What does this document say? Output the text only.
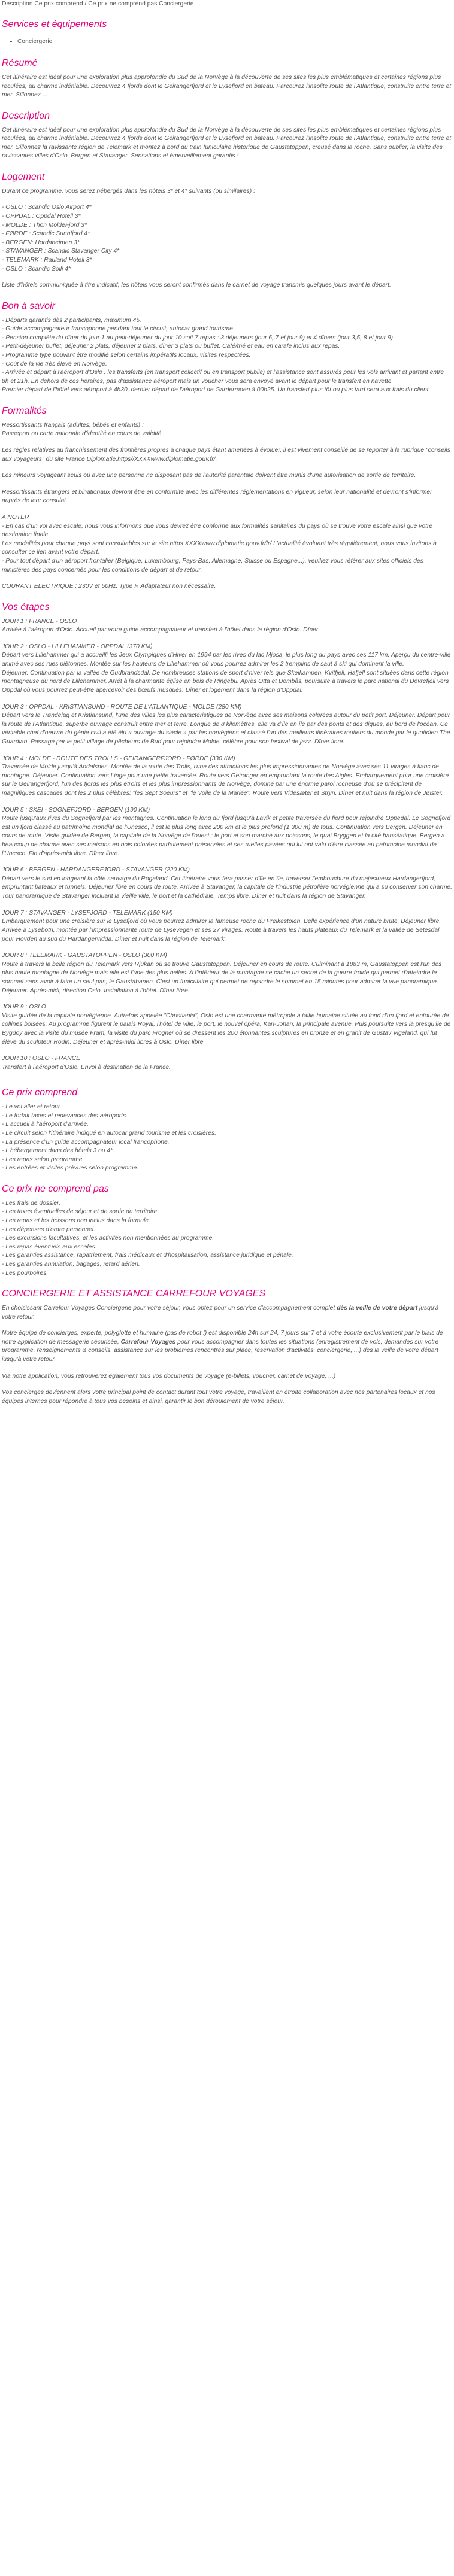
Description Ce prix comprend / Ce prix ne comprend pas Conciergerie

Services et équipements
• Conciergerie
Résumé

Cet itinéraire est idéal pour une exploration plus approfondie du Sud de la Norvège à la découverte de ses sites les plus emblématiques et certaines régions plus reculées, au charme indéniable. Découvrez 4 fjords dont le Geirangerfjord et le Lysefjord en bateau. Parcourez l'insolite route de l'Atlantique, construite entre terre et mer. Sillonnez ...

Description

Cet itinéraire est idéal pour une exploration plus approfondie du Sud de la Norvège à la découverte de ses sites les plus emblématiques et certaines régions plus reculées, au charme indéniable. Découvrez 4 fjords dont le Geirangerfjord et le Lysefjord en bateau. Parcourez l'insolite route de l'Atlantique, construite entre terre et mer. Sillonnez la ravissante région de Telemark et montez à bord du train funiculaire historique de Gaustatoppen, creusé dans la roche. Sans oublier, la visite des ravissantes villes d'Oslo, Bergen et Stavanger. Sensations et émerveillement garantis !

Logement

Durant ce programme, vous serez hébergés dans les hôtels 3* et 4* suivants (ou similaires) :

- OSLO : Scandic Oslo Airport 4*
- OPPDAL : Oppdal Hotell 3*
- MOLDE : Thon MoldeFjord 3*
- FØRDE : Scandic Sunnfjord 4*
- BERGEN: Hordaheimen 3*
- STAVANGER : Scandic Stavanger City 4*
- TELEMARK : Rauland Hotell 3*
- OSLO : Scandic Solli 4*

Liste d'hôtels communiquée à titre indicatif, les hôtels vous seront confirmés dans le carnet de voyage transmis quelques jours avant le départ.

Bon à savoir
- Départs garantis dès 2 participants, maximum 45.
- Guide accompagnateur francophone pendant tout le circuit, autocar grand tourisme.
- Pension complète du dîner du jour 1 au petit-déjeuner du jour 10 soit 7 repas : 3 déjeuners (jour 6, 7 et jour 9) et 4 dîners (jour 3,5, 8 et jour 9).
- Petit-déjeuner buffet, déjeuner 2 plats, déjeuner 2 plats, dîner 3 plats ou buffet. Café/thé et eau en carafe inclus aux repas.
- Programme type pouvant être modifié selon certains impératifs locaux, visites respectées.
- Coût de la vie très élevé en Norvège.
- Arrivée et départ à l'aéroport d'Oslo : les transferts (en transport collectif ou en transport public) et l'assistance sont assurés pour les vols arrivant et partant entre 8h et 21h. En dehors de ces horaires, pas d'assistance aéroport mais un voucher vous sera envoyé avant le départ pour le transfert en navette.
Premier départ de l'hôtel vers aéroport à 4h30, dernier départ de l'aéroport de Gardermoen à 00h25. Un transfert plus tôt ou plus tard sera aux frais du client.
Formalités
Ressortissants français (adultes, bébés et enfants) :
Passeport ou carte nationale d'identité en cours de validité.

Les règles relatives au franchissement des frontières propres à chaque pays étant amenées à évoluer, il est vivement conseillé de se reporter à la rubrique "conseils aux voyageurs" du site France Diplomatie,https//XXXXwww.diplomatie.gouv.fr/.

Les mineurs voyageant seuls ou avec une personne ne disposant pas de l'autorité parentale doivent être munis d'une autorisation de sortie de territoire.

Ressortissants étrangers et binationaux devront être en conformité avec les différentes réglementations en vigueur, selon leur nationalité et devront s'informer auprès de leur consulat.

A NOTER
- En cas d'un vol avec escale, nous vous informons que vous devrez être conforme aux formalités sanitaires du pays où se trouve votre escale ainsi que votre destination finale.
Les modalités pour chaque pays sont consultables sur le site https:XXXXwww.diplomatie.gouv.fr/fr/ L'actualité évoluant très régulièrement, nous vous invitons à consulter ce lien avant votre départ.
- Pour tout départ d'un aéroport frontalier (Belgique, Luxembourg, Pays-Bas, Allemagne, Suisse ou Espagne...), veuillez vous référer aux sites officiels des ministères des pays concernés pour les conditions de départ et de retour.

COURANT ELECTRIQUE : 230V et 50Hz. Type F. Adaptateur non nécessaire.

Vos étapes
JOUR 1 : FRANCE - OSLO
Arrivée à l'aéroport d'Oslo. Accueil par votre guide accompagnateur et transfert à l'hôtel dans la région d'Oslo. Dîner.
JOUR 2 : OSLO - LILLEHAMMER - OPPDAL (370 KM)
Départ vers Lillehammer qui a accueilli les Jeux Olympiques d'Hiver en 1994 par les rives du lac Mjosa, le plus long du pays avec ses 117 km. Aperçu du centre-ville animé avec ses rues piétonnes. Montée sur les hauteurs de Lillehammer où vous pourrez admirer les 2 tremplins de saut à ski qui dominent la ville.
Déjeuner. Continuation par la vallée de Gudbrandsdal. De nombreuses stations de sport d'hiver tels que Skeikampen, Kvitfjell, Hafjell sont situées dans cette région montagneuse du nord de Lillehammer. Arrêt à la charmante église en bois de Ringebu. Après Otta et Dombås, poursuite à travers le parc national du Dovrefjell vers Oppdal où vous pourrez peut-être apercevoir des bœufs musqués. Dîner et logement dans la région d'Oppdal.
JOUR 3 : OPPDAL - KRISTIANSUND - ROUTE DE L'ATLANTIQUE - MOLDE (280 KM)
Départ vers le Trøndelag et Kristiansund, l'une des villes les plus caractéristiques de Norvège avec ses maisons colorées autour du petit port. Déjeuner. Départ pour la route de l'Atlantique, superbe ouvrage construit entre mer et terre. Longue de 8 kilomètres, elle va d'île en île par des ponts et des digues, au bord de l'océan. Ce véritable chef d'oeuvre du génie civil a été élu « ouvrage du siècle » par les norvégiens et classé l'un des meilleurs itinéraires routiers du monde par le quotidien The Guardian. Passage par le petit village de pêcheurs de Bud pour rejoindre Molde, célèbre pour son festival de jazz. Dîner libre.
JOUR 4 : MOLDE - ROUTE DES TROLLS - GEIRANGERFJORD - FØRDE (330 KM)
Traversée de Molde jusqu'à Andalsnes. Montée de la route des Trolls, l'une des attractions les plus impressionnantes de Norvège avec ses 11 virages à flanc de montagne. Déjeuner. Continuation vers Linge pour une petite traversée. Route vers Geiranger en empruntant la route des Aigles. Embarquement pour une croisière sur le Geirangerfjord, l'un des fjords les plus étroits et les plus impressionnants de Norvège, dominé par une énorme paroi rocheuse d'où se précipitent de magnifiques cascades dont les 2 plus célèbres: "les Sept Soeurs" et "le Voile de la Mariée". Route vers Videsæter et Stryn. Dîner et nuit dans la région de Jølster.
JOUR 5 : SKEI - SOGNEFJORD - BERGEN (190 KM)
Route jusqu'aux rives du Sognefjord par les montagnes. Continuation le long du fjord jusqu'à Lavik et petite traversée du fjord pour rejoindre Oppedal. Le Sognefjord est un fjord classé au patrimoine mondial de l'Unesco, il est le plus long avec 200 km et le plus profond (1 300 m) de tous. Continuation vers Bergen. Déjeuner en cours de route. Visite guidée de Bergen, la capitale de la Norvège de l'ouest : le port et son marché aux poissons, le quai Bryggen et la cité hanséatique. Bergen a beaucoup de charme avec ses maisons en bois colorées parfaitement préservées et ses ruelles pavées qui lui ont valu d'être classée au patrimoine mondial de l'Unesco. Fin d'après-midi libre. Dîner libre.
JOUR 6 : BERGEN - HARDANGERFJORD - STAVANGER (220 KM)
Départ vers le sud en longeant la côte sauvage du Rogaland. Cet itinéraire vous fera passer d'île en île, traverser l'embouchure du majestueux Hardangerfjord, empruntant bateaux et tunnels. Déjeuner libre en cours de route. Arrivée à Stavanger, la capitale de l'industrie pétrolière norvégienne qui a su conserver son charme. Tour panoramique de Stavanger incluant la vieille ville, le port et la cathédrale. Temps libre. Dîner et nuit dans la région de Stavanger.
JOUR 7 : STAVANGER - LYSEFJORD - TELEMARK (150 KM)
Embarquement pour une croisière sur le Lysefjord où vous pourrez admirer la fameuse roche du Preikestolen. Belle expérience d'un nature brute. Déjeuner libre. Arrivée à Lysebotn, montée par l'impressionnante route de Lysevegen et ses 27 virages. Route à travers les hauts plateaux du Telemark et la vallée de Setesdal pour Hovden au sud du Hardangervidda. Dîner et nuit dans la région de Telemark.
JOUR 8 : TELEMARK - GAUSTATOPPEN - OSLO (300 KM)
Route à travers la belle région du Telemark vers Rjukan où se trouve Gaustatoppen. Déjeuner en cours de route. Culminant à 1883 m, Gaustatoppen est l'un des plus haute montagne de Norvège mais elle est l'une des plus belles. A l'intérieur de la montagne se cache un secret de la guerre froide qui permet d'atteindre le sommet sans avoir à faire un seul pas, le Gaustabanen. C'est un funiculaire qui permet de rejoindre le sommet en 15 minutes pour admirer la vue panoramique. Déjeuner. Après-midi, direction Oslo. Installation à l'hôtel. Dîner libre.
JOUR 9 : OSLO
Visite guidée de la capitale norvégienne. Autrefois appelée "Christiania", Oslo est une charmante métropole à taille humaine située au fond d'un fjord et entourée de collines boisées. Au programme figurent le palais Royal, l'hôtel de ville, le port, le nouvel opéra, Karl-Johan, la principale avenue. Puis poursuite vers la presqu'île de Bygdoy avec la visite du musée Fram, la visite du parc Frogner où se dressent les 200 étonnantes sculptures en bronze et en granit de Gustav Vigeland, qui fut élève du sculpteur Rodin. Déjeuner et après-midi libres à Oslo. Dîner libre.
JOUR 10 : OSLO - FRANCE
Transfert à l'aéroport d'Oslo. Envol à destination de la France.
Ce prix comprend
- Le vol aller et retour.
- Le forfait taxes et redevances des aéroports.
- L'accueil à l'aéroport d'arrivée.
- Le circuit selon l'itinéraire indiqué en autocar grand tourisme et les croisières.
- La présence d'un guide accompagnateur local francophone.
- L'hébergement dans des hôtels 3 ou 4*.
- Les repas selon programme.
- Les entrées et visites prévues selon programme.
Ce prix ne comprend pas
- Les frais de dossier.
- Les taxes éventuelles de séjour et de sortie du territoire.
- Les repas et les boissons non inclus dans la formule.
- Les dépenses d'ordre personnel.
- Les excursions facultatives, et les activités non mentionnées au programme.
- Les repas éventuels aux escales.
- Les garanties assistance, rapatriement, frais médicaux et d'hospitalisation, assistance juridique et pénale.
- Les garanties annulation, bagages, retard aérien.
- Les pourboires.
CONCIERGERIE ET ASSISTANCE CARREFOUR VOYAGES

En choisissant Carrefour Voyages Conciergerie pour votre séjour, vous optez pour un service d'accompagnement complet dès la veille de votre départ jusqu'à votre retour.

Notre équipe de concierges, experte, polyglotte et humaine (pas de robot !) est disponible 24h sur 24, 7 jours sur 7 et à votre écoute exclusivement par le biais de notre application de messagerie sécurisée, Carrefour Voyages pour vous accompagner dans toutes les situations (enregistrement de vols, demandes sur votre programme, renseignements & conseils, assistance sur les problèmes rencontrés sur place, réservation d'activités, conciergerie, ...) dès la veille de votre départ jusqu'à votre retour.

Via notre application, vous retrouverez également tous vos documents de voyage (e-billets, voucher, carnet de voyage, ...)

Vos concierges deviennent alors votre principal point de contact durant tout votre voyage, travaillent en étroite collaboration avec nos partenaires locaux et nos équipes internes pour répondre à tous vos besoins et ainsi, garantir le bon déroulement de votre séjour.
